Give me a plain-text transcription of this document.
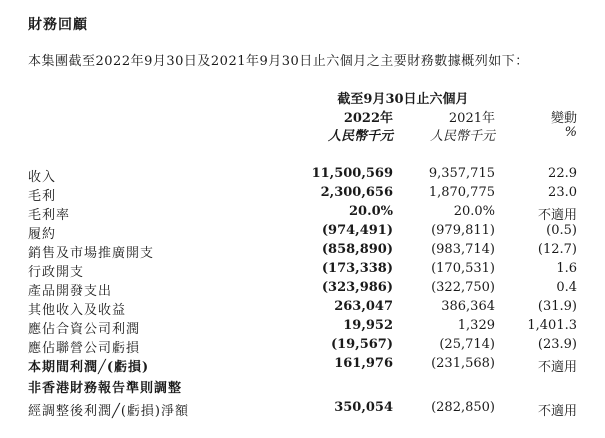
財務回顧
本集團截至2022年9月30日及2021年9月30日止六個月之主要財務數據概列如下：
截至9月30日止六個月
2022年	2021年	變動
人民幣千元	人民幣千元	%
收入	11,500,569	9,357,715	22.9
毛利	2,300,656	1,870,775	23.0
毛利率	20.0%	20.0%	不適用
履約	(974,491)	(979,811)	(0.5)
銷售及市場推廣開支	(858,890)	(983,714)	(12.7)
行政開支	(173,338)	(170,531)	1.6
產品開發支出	(323,986)	(322,750)	0.4
其他收入及收益	263,047	386,364	(31.9)
應佔合資公司利潤	19,952	1,329 1,401.3
應佔聯營公司虧損	(19,567)	(25,714)	(23.9)
本期間利潤╱(虧損)	161,976	(231,568)	不適用
非香港財務報告準則調整
經調整後利潤╱(虧損)淨額	350,054	(282,850)	不適用
